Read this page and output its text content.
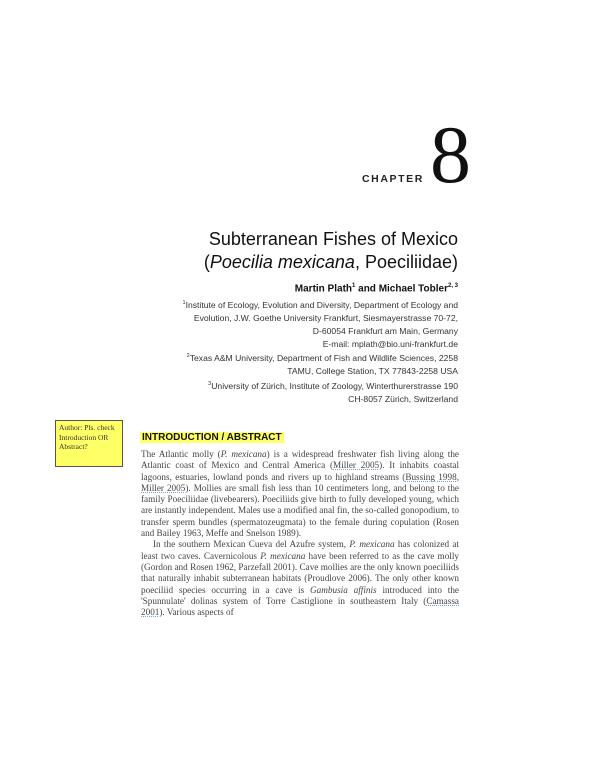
CHAPTER 8
Subterranean Fishes of Mexico
(Poecilia mexicana, Poeciliidae)
Martin Plath$^1$ and Michael Tobler$^{2, 3}$
$^1$Institute of Ecology, Evolution and Diversity, Department of Ecology and
Evolution, J.W. Goethe University Frankfurt, Siesmayerstrasse 70-72,
D-60054 Frankfurt am Main, Germany
E-mail: mplath@bio.uni-frankfurt.de
$^2$Texas A&M University, Department of Fish and Wildlife Sciences, 2258
TAMU, College Station, TX 77843-2258 USA
$^3$University of Zürich, Institute of Zoology, Winterthurerstrasse 190
CH-8057 Zürich, Switzerland
Author: Pls. check Introduction OR Abstract?
INTRODUCTION / ABSTRACT

The Atlantic molly (P. mexicana) is a widespread freshwater fish living along the Atlantic coast of Mexico and Central America (Miller 2005). It inhabits coastal lagoons, estuaries, lowland ponds and rivers up to highland streams (Bussing 1998, Miller 2005). Mollies are small fish less than 10 centimeters long, and belong to the family Poeciliidae (livebearers). Poeciliids give birth to fully developed young, which are instantly independent. Males use a modified anal fin, the so-called gonopodium, to transfer sperm bundles (spermatozeugmata) to the female during copulation (Rosen and Bailey 1963, Meffe and Snelson 1989).

In the southern Mexican Cueva del Azufre system, P. mexicana has colonized at least two caves. Cavernicolous P. mexicana have been referred to as the cave molly (Gordon and Rosen 1962, Parzefall 2001). Cave mollies are the only known poeciliids that naturally inhabit subterranean habitats (Proudlove 2006). The only other known poeciliid species occurring in a cave is Gambusia affinis introduced into the 'Spunnulate' dolinas system of Torre Castiglione in southeastern Italy (Camassa 2001). Various aspects of
